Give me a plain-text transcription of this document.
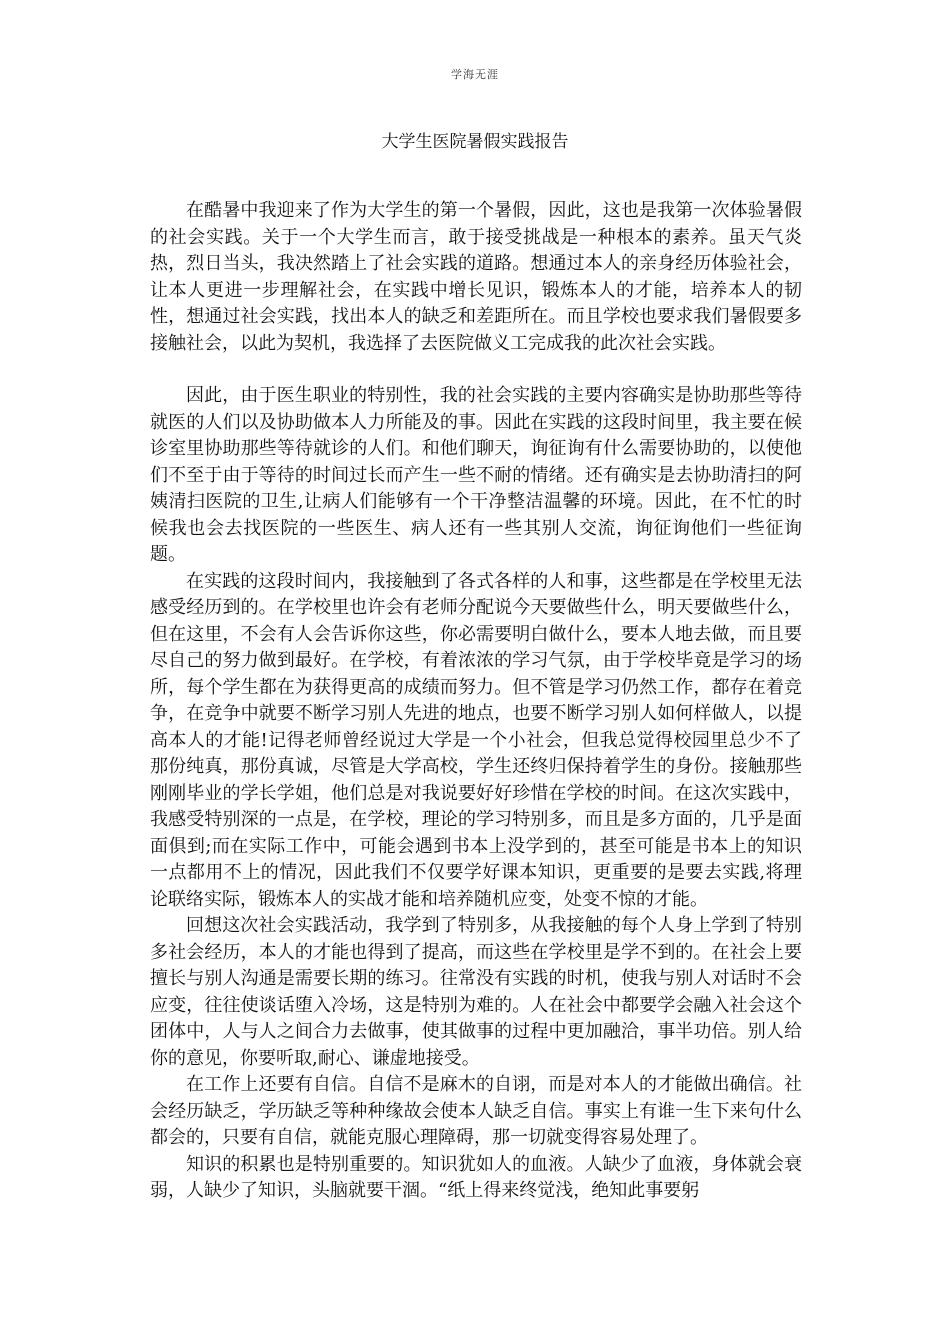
学海无涯
大学生医院暑假实践报告

在酷暑中我迎来了作为大学生的第一个暑假，因此，这也是我第一次体验暑假的社会实践。关于一个大学生而言，敢于接受挑战是一种根本的素养。虽天气炎热，烈日当头，我决然踏上了社会实践的道路。想通过本人的亲身经历体验社会，让本人更进一步理解社会，在实践中增长见识，锻炼本人的才能，培养本人的韧性，想通过社会实践，找出本人的缺乏和差距所在。而且学校也要求我们暑假要多接触社会，以此为契机，我选择了去医院做义工完成我的此次社会实践。

因此，由于医生职业的特别性，我的社会实践的主要内容确实是协助那些等待就医的人们以及协助做本人力所能及的事。因此在实践的这段时间里，我主要在候诊室里协助那些等待就诊的人们。和他们聊天，询征询有什么需要协助的，以使他们不至于由于等待的时间过长而产生一些不耐的情绪。还有确实是去协助清扫的阿姨清扫医院的卫生,让病人们能够有一个干净整洁温馨的环境。因此，在不忙的时候我也会去找医院的一些医生、病人还有一些其别人交流，询征询他们一些征询题。

在实践的这段时间内，我接触到了各式各样的人和事，这些都是在学校里无法感受经历到的。在学校里也许会有老师分配说今天要做些什么，明天要做些什么，但在这里，不会有人会告诉你这些，你必需要明白做什么，要本人地去做，而且要尽自己的努力做到最好。在学校，有着浓浓的学习气氛，由于学校毕竟是学习的场所，每个学生都在为获得更高的成绩而努力。但不管是学习仍然工作，都存在着竞争，在竞争中就要不断学习别人先进的地点，也要不断学习别人如何样做人，以提高本人的才能!记得老师曾经说过大学是一个小社会，但我总觉得校园里总少不了那份纯真，那份真诚，尽管是大学高校，学生还终归保持着学生的身份。接触那些刚刚毕业的学长学姐，他们总是对我说要好好珍惜在学校的时间。在这次实践中，我感受特别深的一点是，在学校，理论的学习特别多，而且是多方面的，几乎是面面俱到;而在实际工作中，可能会遇到书本上没学到的，甚至可能是书本上的知识一点都用不上的情况，因此我们不仅要学好课本知识，更重要的是要去实践,将理论联络实际，锻炼本人的实战才能和培养随机应变，处变不惊的才能。

回想这次社会实践活动，我学到了特别多，从我接触的每个人身上学到了特别多社会经历，本人的才能也得到了提高，而这些在学校里是学不到的。在社会上要擅长与别人沟通是需要长期的练习。往常没有实践的时机，使我与别人对话时不会应变，往往使谈话堕入冷场，这是特别为难的。人在社会中都要学会融入社会这个团体中，人与人之间合力去做事，使其做事的过程中更加融洽，事半功倍。别人给你的意见，你要听取,耐心、谦虚地接受。

在工作上还要有自信。自信不是麻木的自诩，而是对本人的才能做出确信。社会经历缺乏，学历缺乏等种种缘故会使本人缺乏自信。事实上有谁一生下来句什么都会的，只要有自信，就能克服心理障碍，那一切就变得容易处理了。

知识的积累也是特别重要的。知识犹如人的血液。人缺少了血液，身体就会衰弱，人缺少了知识，头脑就要干涸。“纸上得来终觉浅，绝知此事要躬
